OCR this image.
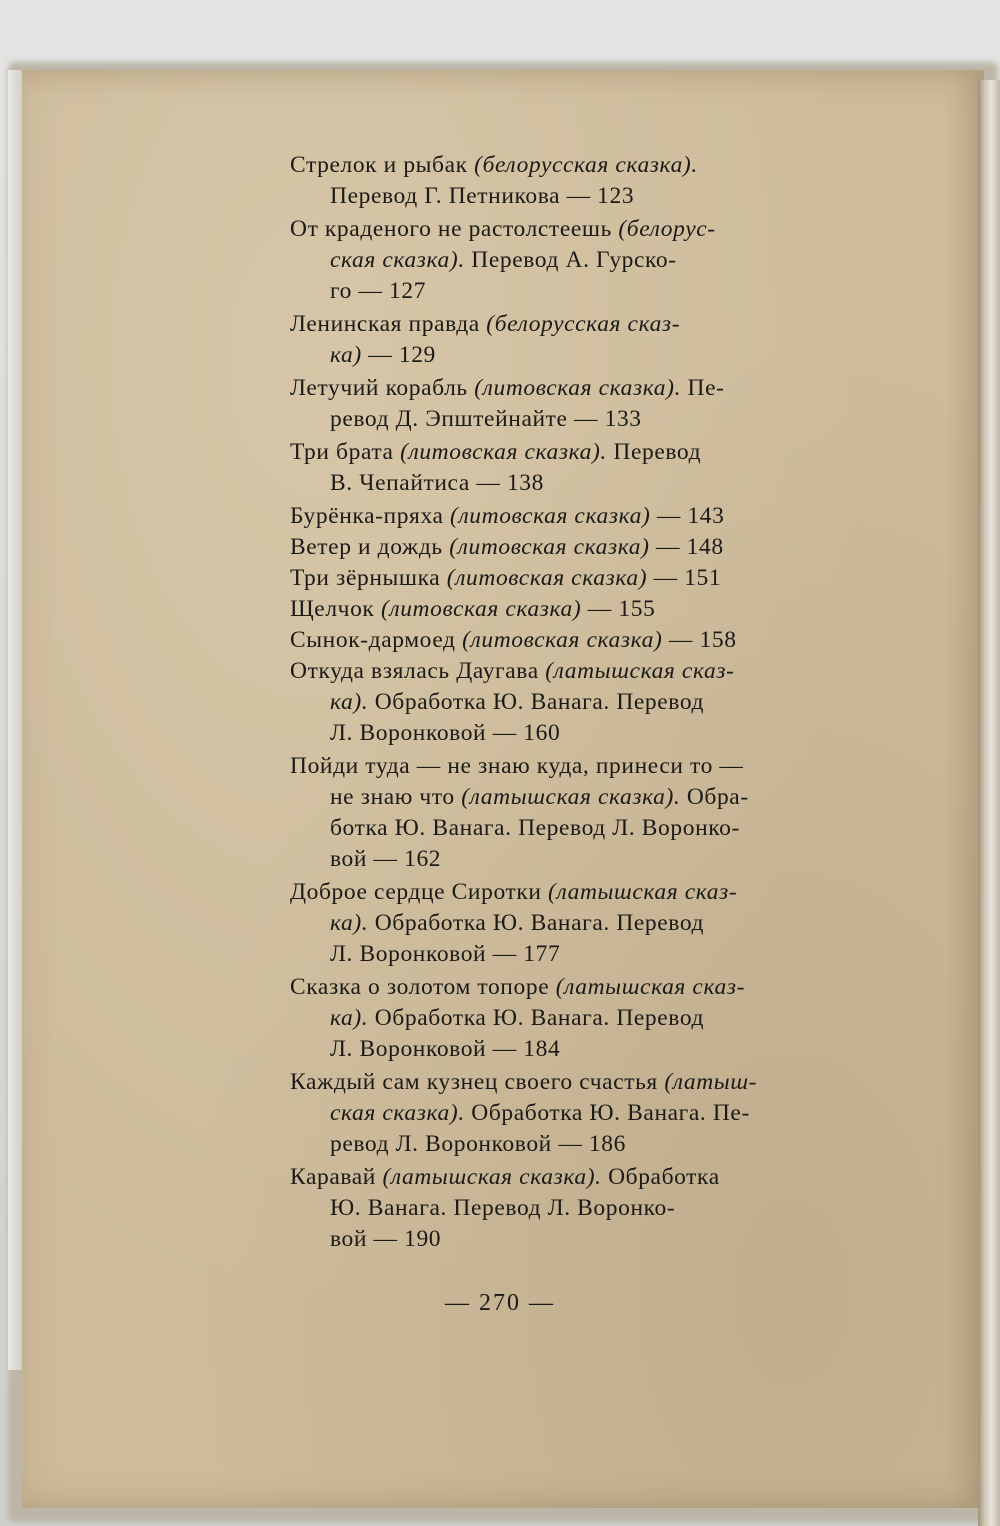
Стрелок и рыбак (белорусская сказка).
Перевод Г. Петникова — 123
От краденого не растолстеешь (белорус-
ская сказка). Перевод А. Гурско-
го — 127
Ленинская правда (белорусская сказ-
ка) — 129
Летучий корабль (литовская сказка). Пе-
ревод Д. Эпштейнайте — 133
Три брата (литовская сказка). Перевод
В. Чепайтиса — 138
Бурёнка-пряха (литовская сказка) — 143
Ветер и дождь (литовская сказка) — 148
Три зёрнышка (литовская сказка) — 151
Щелчок (литовская сказка) — 155
Сынок-дармоед (литовская сказка) — 158
Откуда взялась Даугава (латышская сказ-
ка). Обработка Ю. Ванага. Перевод
Л. Воронковой — 160
Пойди туда — не знаю куда, принеси то —
не знаю что (латышская сказка). Обра-
ботка Ю. Ванага. Перевод Л. Воронко-
вой — 162
Доброе сердце Сиротки (латышская сказ-
ка). Обработка Ю. Ванага. Перевод
Л. Воронковой — 177
Сказка о золотом топоре (латышская сказ-
ка). Обработка Ю. Ванага. Перевод
Л. Воронковой — 184
Каждый сам кузнец своего счастья (латыш-
ская сказка). Обработка Ю. Ванага. Пе-
ревод Л. Воронковой — 186
Каравай (латышская сказка). Обработка
Ю. Ванага. Перевод Л. Воронко-
вой — 190
— 270 —
